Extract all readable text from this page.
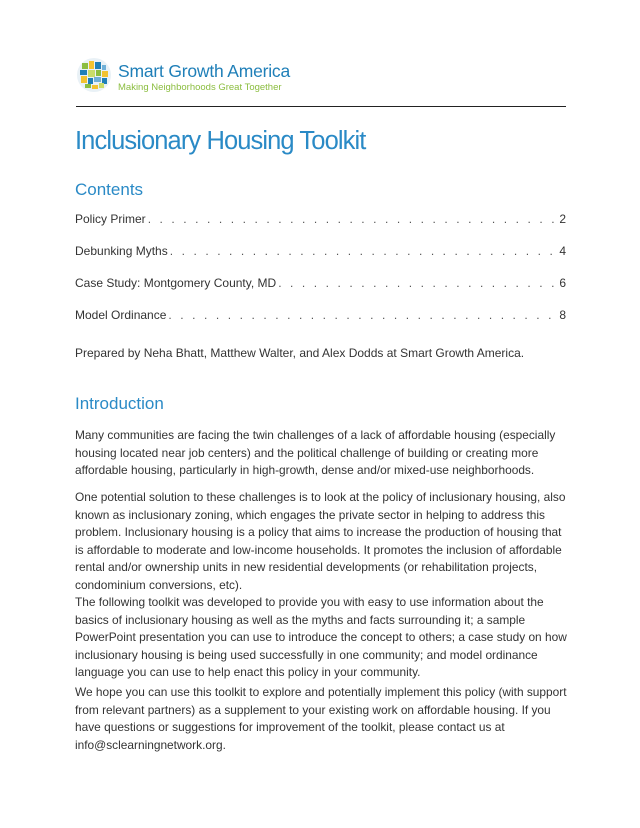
Smart Growth America
Making Neighborhoods Great Together
Inclusionary Housing Toolkit
Contents
Policy Primer . . .	2
Debunking Myths . . .	4
Case Study: Montgomery County, MD . . .	6
Model Ordinance . . .	8

Prepared by Neha Bhatt, Matthew Walter, and Alex Dodds at Smart Growth America.

Introduction

Many communities are facing the twin challenges of a lack of affordable housing (especially housing located near job centers) and the political challenge of building or creating more affordable housing, particularly in high-growth, dense and/or mixed-use neighborhoods.

One potential solution to these challenges is to look at the policy of inclusionary housing, also known as inclusionary zoning, which engages the private sector in helping to address this problem. Inclusionary housing is a policy that aims to increase the production of housing that is affordable to moderate and low-income households. It promotes the inclusion of affordable rental and/or ownership units in new residential developments (or rehabilitation projects, condominium conversions, etc).

The following toolkit was developed to provide you with easy to use information about the basics of inclusionary housing as well as the myths and facts surrounding it; a sample PowerPoint presentation you can use to introduce the concept to others; a case study on how inclusionary housing is being used successfully in one community; and model ordinance language you can use to help enact this policy in your community.

We hope you can use this toolkit to explore and potentially implement this policy (with support from relevant partners) as a supplement to your existing work on affordable housing. If you have questions or suggestions for improvement of the toolkit, please contact us at info@sclearningnetwork.org.
